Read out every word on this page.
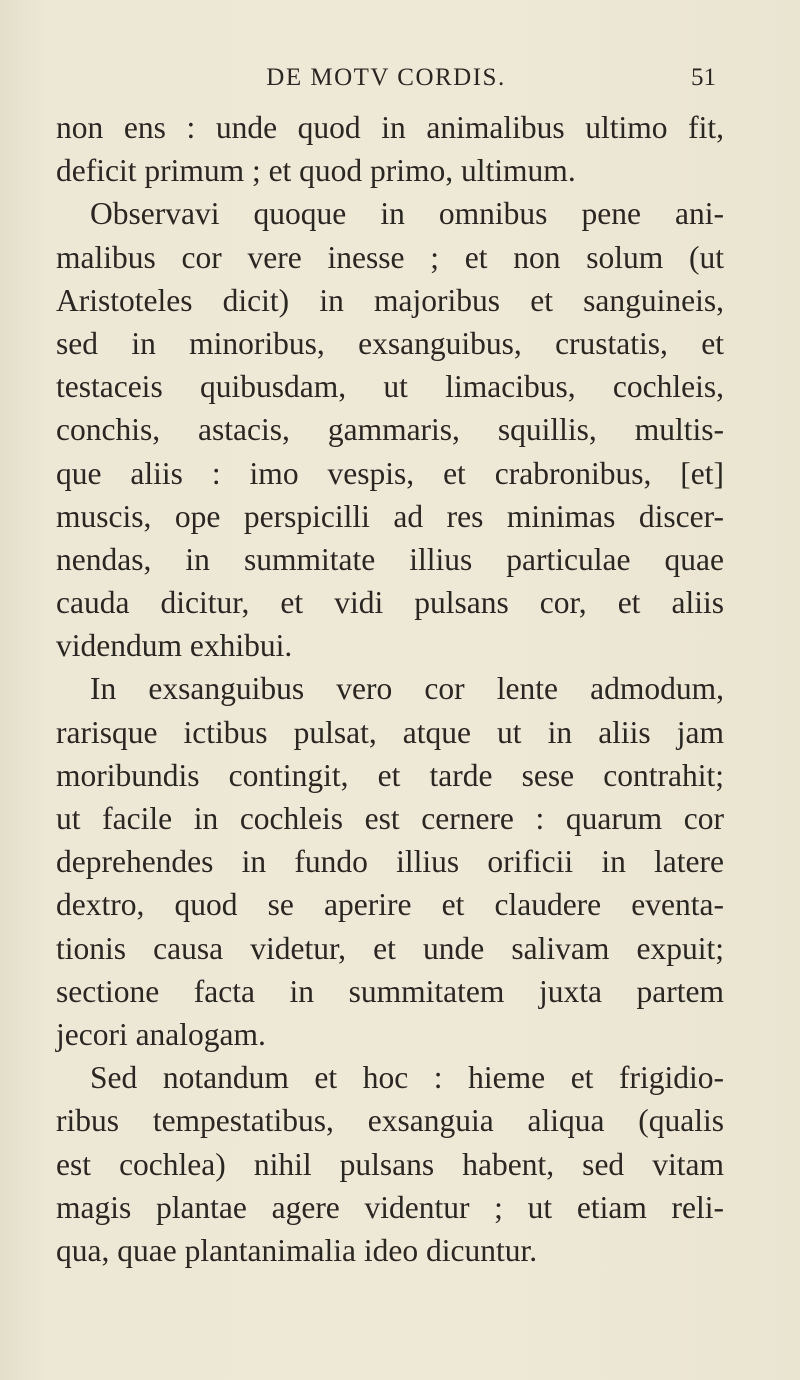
DE MOTV CORDIS.	51
non ens : unde quod in animalibus ultimo fit,
deficit primum ; et quod primo, ultimum.
Observavi quoque in omnibus pene ani-
malibus cor vere inesse ; et non solum (ut
Aristoteles dicit) in majoribus et sanguineis,
sed in minoribus, exsanguibus, crustatis, et
testaceis quibusdam, ut limacibus, cochleis,
conchis, astacis, gammaris, squillis, multis-
que aliis : imo vespis, et crabronibus, [et]
muscis, ope perspicilli ad res minimas discer-
nendas, in summitate illius particulae quae
cauda dicitur, et vidi pulsans cor, et aliis
videndum exhibui.
In exsanguibus vero cor lente admodum,
rarisque ictibus pulsat, atque ut in aliis jam
moribundis contingit, et tarde sese contrahit;
ut facile in cochleis est cernere : quarum cor
deprehendes in fundo illius orificii in latere
dextro, quod se aperire et claudere eventa-
tionis causa videtur, et unde salivam expuit;
sectione facta in summitatem juxta partem
jecori analogam.
Sed notandum et hoc : hieme et frigidio-
ribus tempestatibus, exsanguia aliqua (qualis
est cochlea) nihil pulsans habent, sed vitam
magis plantae agere videntur ; ut etiam reli-
qua, quae plantanimalia ideo dicuntur.
